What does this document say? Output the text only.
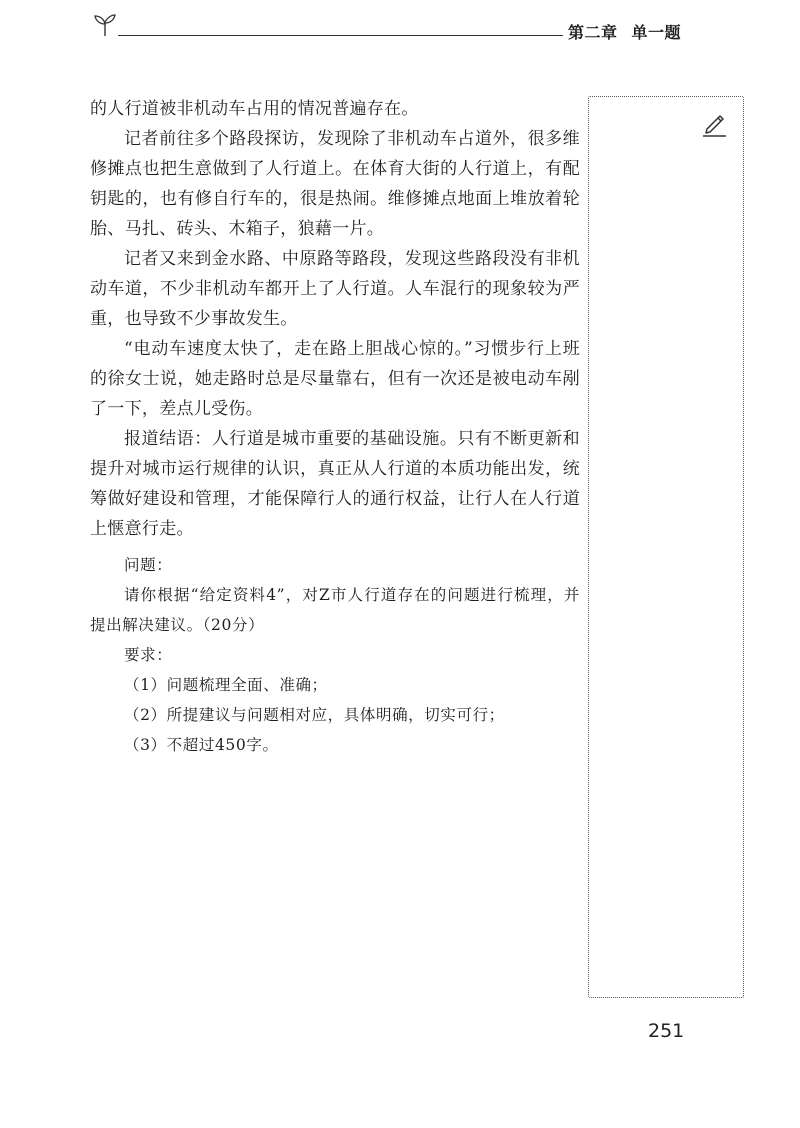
第二章 单一题

的人行道被非机动车占用的情况普遍存在。

记者前往多个路段探访，发现除了非机动车占道外，很多维修摊点也把生意做到了人行道上。在体育大街的人行道上，有配钥匙的，也有修自行车的，很是热闹。维修摊点地面上堆放着轮胎、马扎、砖头、木箱子，狼藉一片。

记者又来到金水路、中原路等路段，发现这些路段没有非机动车道，不少非机动车都开上了人行道。人车混行的现象较为严重，也导致不少事故发生。

“电动车速度太快了，走在路上胆战心惊的。”习惯步行上班的徐女士说，她走路时总是尽量靠右，但有一次还是被电动车剐了一下，差点儿受伤。

报道结语：人行道是城市重要的基础设施。只有不断更新和提升对城市运行规律的认识，真正从人行道的本质功能出发，统筹做好建设和管理，才能保障行人的通行权益，让行人在人行道上惬意行走。

问题：

请你根据“给定资料4”，对Z市人行道存在的问题进行梳理，并提出解决建议。（20分）

要求：

（1）问题梳理全面、准确；

（2）所提建议与问题相对应，具体明确，切实可行；

（3）不超过450字。

251
